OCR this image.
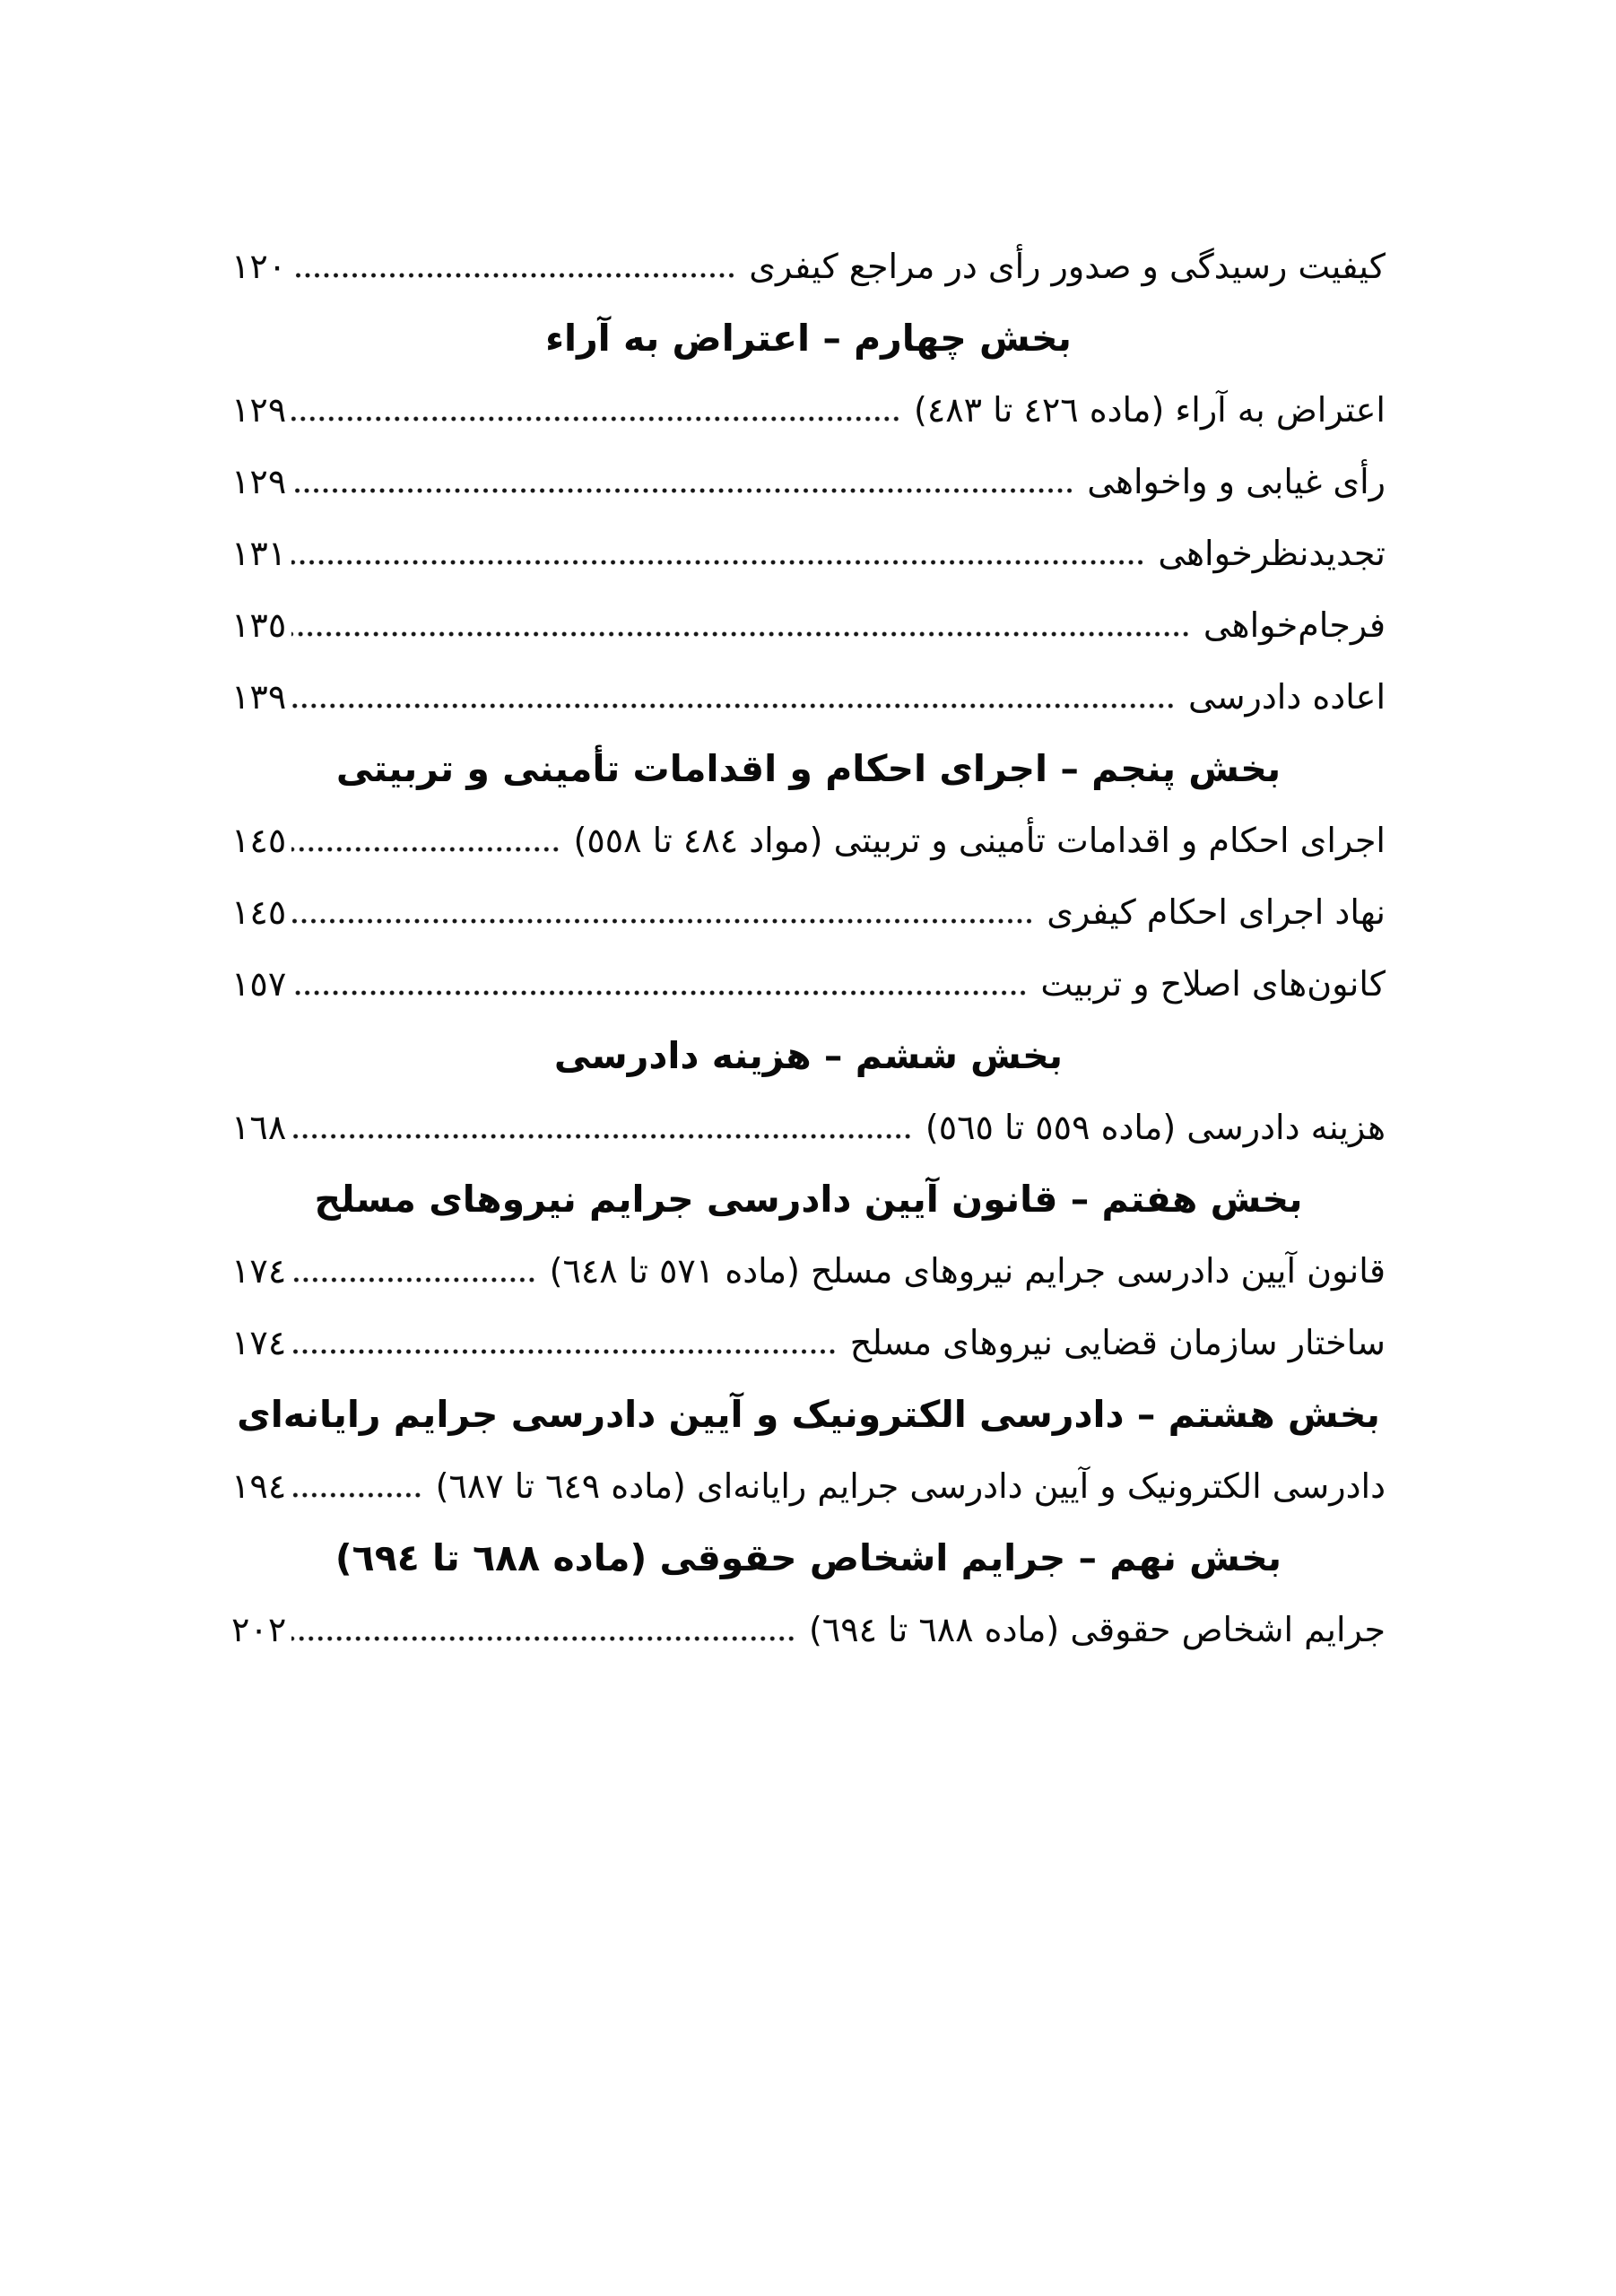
کیفیت رسیدگی و صدور رأی در مراجع کیفری
١٢٠
بخش چهارم – اعتراض به آراء
اعتراض به آراء (ماده ٤٢٦ تا ٤٨٣)
١٢٩
رأی غیابی و واخواهی
١٢٩
تجدیدنظرخواهی
١٣١
فرجام‌خواهی
١٣٥
اعاده دادرسی
١٣٩
بخش پنجم – اجرای احکام و اقدامات تأمینی و تربیتی
اجرای احکام و اقدامات تأمینی و تربیتی (مواد ٤٨٤ تا ٥٥٨)
١٤٥
نهاد اجرای احکام کیفری
١٤٥
کانون‌های اصلاح و تربیت
١٥٧
بخش ششم – هزینه دادرسی
هزینه دادرسی (ماده ٥٥٩ تا ٥٦٥)
١٦٨
بخش هفتم – قانون آیین دادرسی جرایم نیروهای مسلح
قانون آیین دادرسی جرایم نیروهای مسلح (ماده ٥٧١ تا ٦٤٨)
١٧٤
ساختار سازمان قضایی نیروهای مسلح
١٧٤
بخش هشتم – دادرسی الکترونیک و آیین دادرسی جرایم رایانه‌ای
دادرسی الکترونیک و آیین دادرسی جرایم رایانه‌ای (ماده ٦٤٩ تا ٦٨٧)
١٩٤
بخش نهم – جرایم اشخاص حقوقی (ماده ٦٨٨ تا ٦٩٤)
جرایم اشخاص حقوقی (ماده ٦٨٨ تا ٦٩٤)
٢٠٢
